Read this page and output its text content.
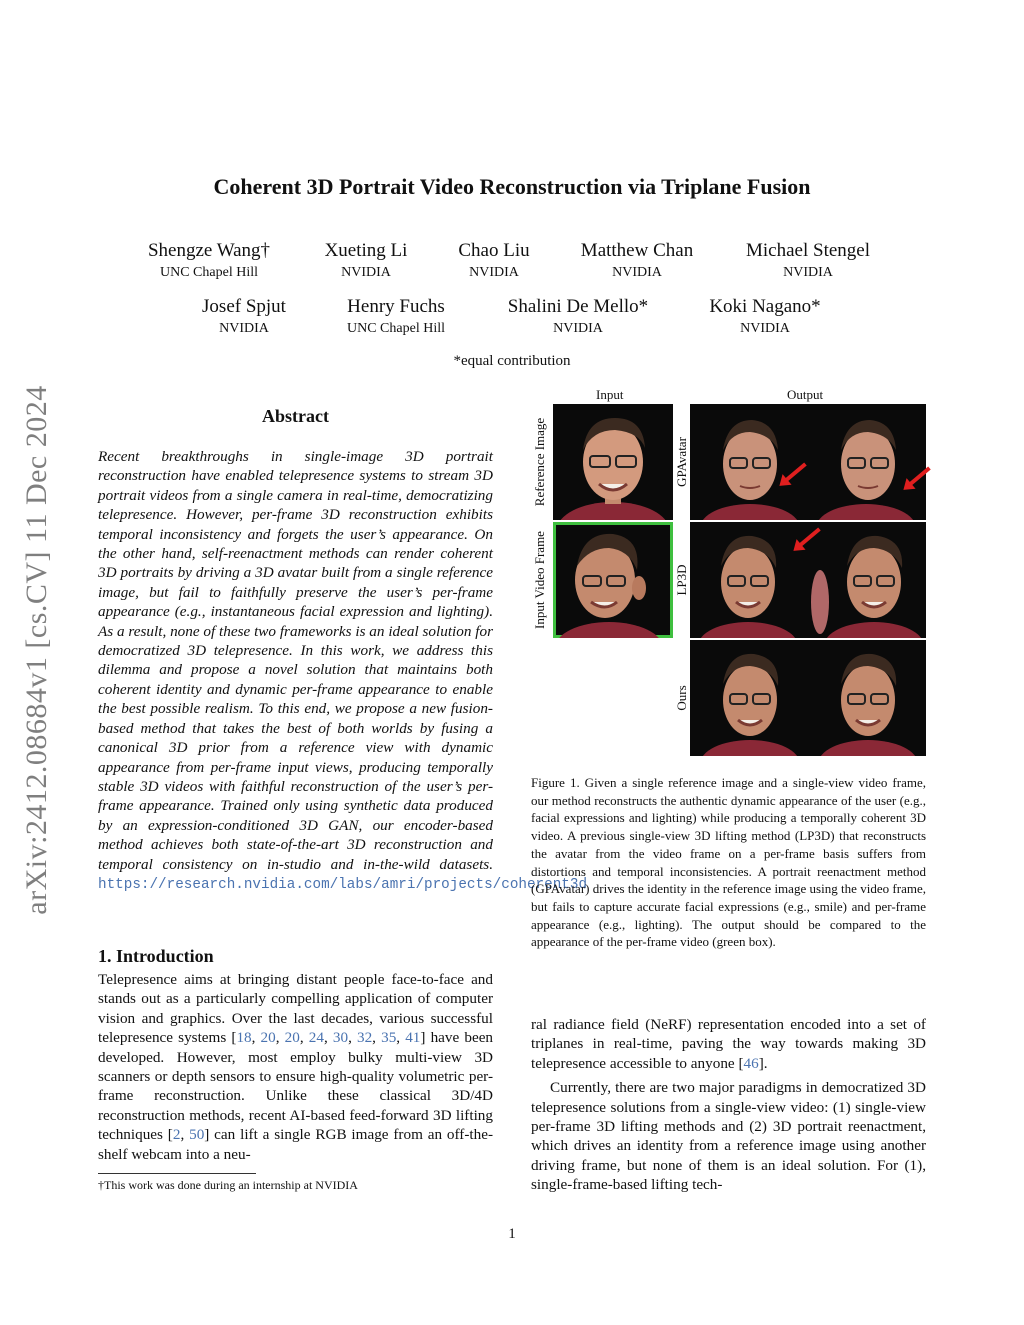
arXiv:2412.08684v1 [cs.CV] 11 Dec 2024
Coherent 3D Portrait Video Reconstruction via Triplane Fusion
Shengze Wang†
UNC Chapel Hill
Xueting Li
NVIDIA
Chao Liu
NVIDIA
Matthew Chan
NVIDIA
Michael Stengel
NVIDIA
Josef Spjut
NVIDIA
Henry Fuchs
UNC Chapel Hill
Shalini De Mello*
NVIDIA
Koki Nagano*
NVIDIA
*equal contribution
Abstract
Recent breakthroughs in single-image 3D portrait reconstruction have enabled telepresence systems to stream 3D portrait videos from a single camera in real-time, democratizing telepresence. However, per-frame 3D reconstruction exhibits temporal inconsistency and forgets the user’s appearance. On the other hand, self-reenactment methods can render coherent 3D portraits by driving a 3D avatar built from a single reference image, but fail to faithfully preserve the user’s per-frame appearance (e.g., instantaneous facial expression and lighting). As a result, none of these two frameworks is an ideal solution for democratized 3D telepresence. In this work, we address this dilemma and propose a novel solution that maintains both coherent identity and dynamic per-frame appearance to enable the best possible realism. To this end, we propose a new fusion-based method that takes the best of both worlds by fusing a canonical 3D prior from a reference view with dynamic appearance from per-frame input views, producing temporally stable 3D videos with faithful reconstruction of the user’s per-frame appearance. Trained only using synthetic data produced by an expression-conditioned 3D GAN, our encoder-based method achieves both state-of-the-art 3D reconstruction and temporal consistency on in-studio and in-the-wild datasets. https://research.nvidia.com/labs/amri/projects/coherent3d
1. Introduction
Telepresence aims at bringing distant people face-to-face and stands out as a particularly compelling application of computer vision and graphics. Over the last decades, various successful telepresence systems [18, 20, 20, 24, 30, 32, 35, 41] have been developed. However, most employ bulky multi-view 3D scanners or depth sensors to ensure high-quality volumetric per-frame reconstruction. Unlike these classical 3D/4D reconstruction methods, recent AI-based feed-forward 3D lifting techniques [2, 50] can lift a single RGB image from an off-the-shelf webcam into a neu-
†This work was done during an internship at NVIDIA

ral radiance field (NeRF) representation encoded into a set of triplanes in real-time, paving the way towards making 3D telepresence accessible to anyone [46].

Currently, there are two major paradigms in democratized 3D telepresence solutions from a single-view video: (1) single-view per-frame 3D lifting methods and (2) 3D portrait reenactment, which drives an identity from a reference image using another driving frame, but none of them is an ideal solution. For (1), single-frame-based lifting tech-

Input	Output
Reference Image
Input Video Frame
GPAvatar
LP3D
Ours
Figure 1. Given a single reference image and a single-view video frame, our method reconstructs the authentic dynamic appearance of the user (e.g., facial expressions and lighting) while producing a temporally coherent 3D video. A previous single-view 3D lifting method (LP3D) that reconstructs the avatar from the video frame on a per-frame basis suffers from distortions and temporal inconsistencies. A portrait reenactment method (GPAvatar) drives the identity in the reference image using the video frame, but fails to capture accurate facial expressions (e.g., smile) and per-frame appearance (e.g., lighting). The output should be compared to the appearance of the per-frame video (green box).
1
